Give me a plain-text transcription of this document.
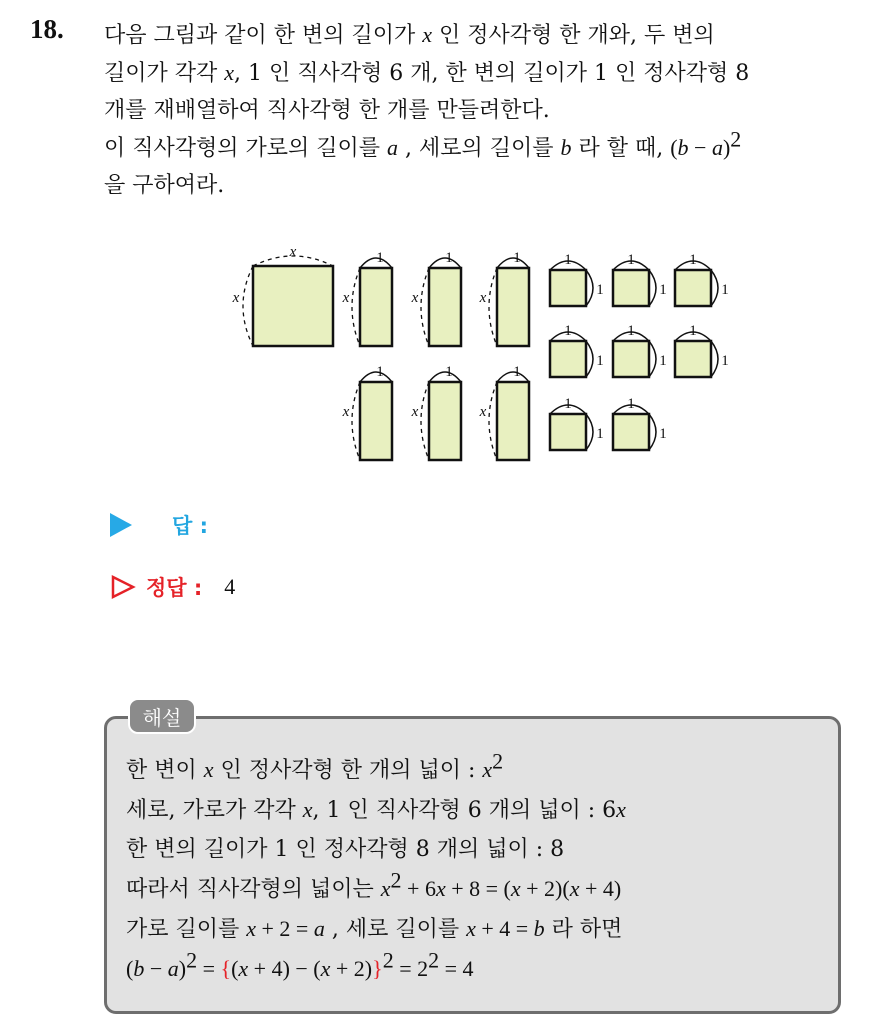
18. 다음 그림과 같이 한 변의 길이가 x 인 정사각형 한 개와, 두 변의
길이가 각각 x, 1 인 직사각형 6 개, 한 변의 길이가 1 인 정사각형 8
개를 재배열하여 직사각형 한 개를 만들려한다.
이 직사각형의 가로의 길이를 a , 세로의 길이를 b 라 할 때, $(b - a)^2$
을 구하여라.
x
x
1
x
1
x
1
x
1
x
1
x
1
x
1
1
1
1
1
1
1
1
1
1
1
1
1
1
1
1
답 :
정답 : 4
해설
한 변이 x 인 정사각형 한 개의 넓이 : $x^2$
세로, 가로가 각각 x, 1 인 직사각형 6 개의 넓이 : 6x
한 변의 길이가 1 인 정사각형 8 개의 넓이 : 8
따라서 직사각형의 넓이는 $x^2 + 6x + 8 = (x + 2)(x + 4)$
가로 길이를 x + 2 = a , 세로 길이를 x + 4 = b 라 하면
$(b - a)^2 = \{(x + 4) - (x + 2)\}^2 = 2^2 = 4$
